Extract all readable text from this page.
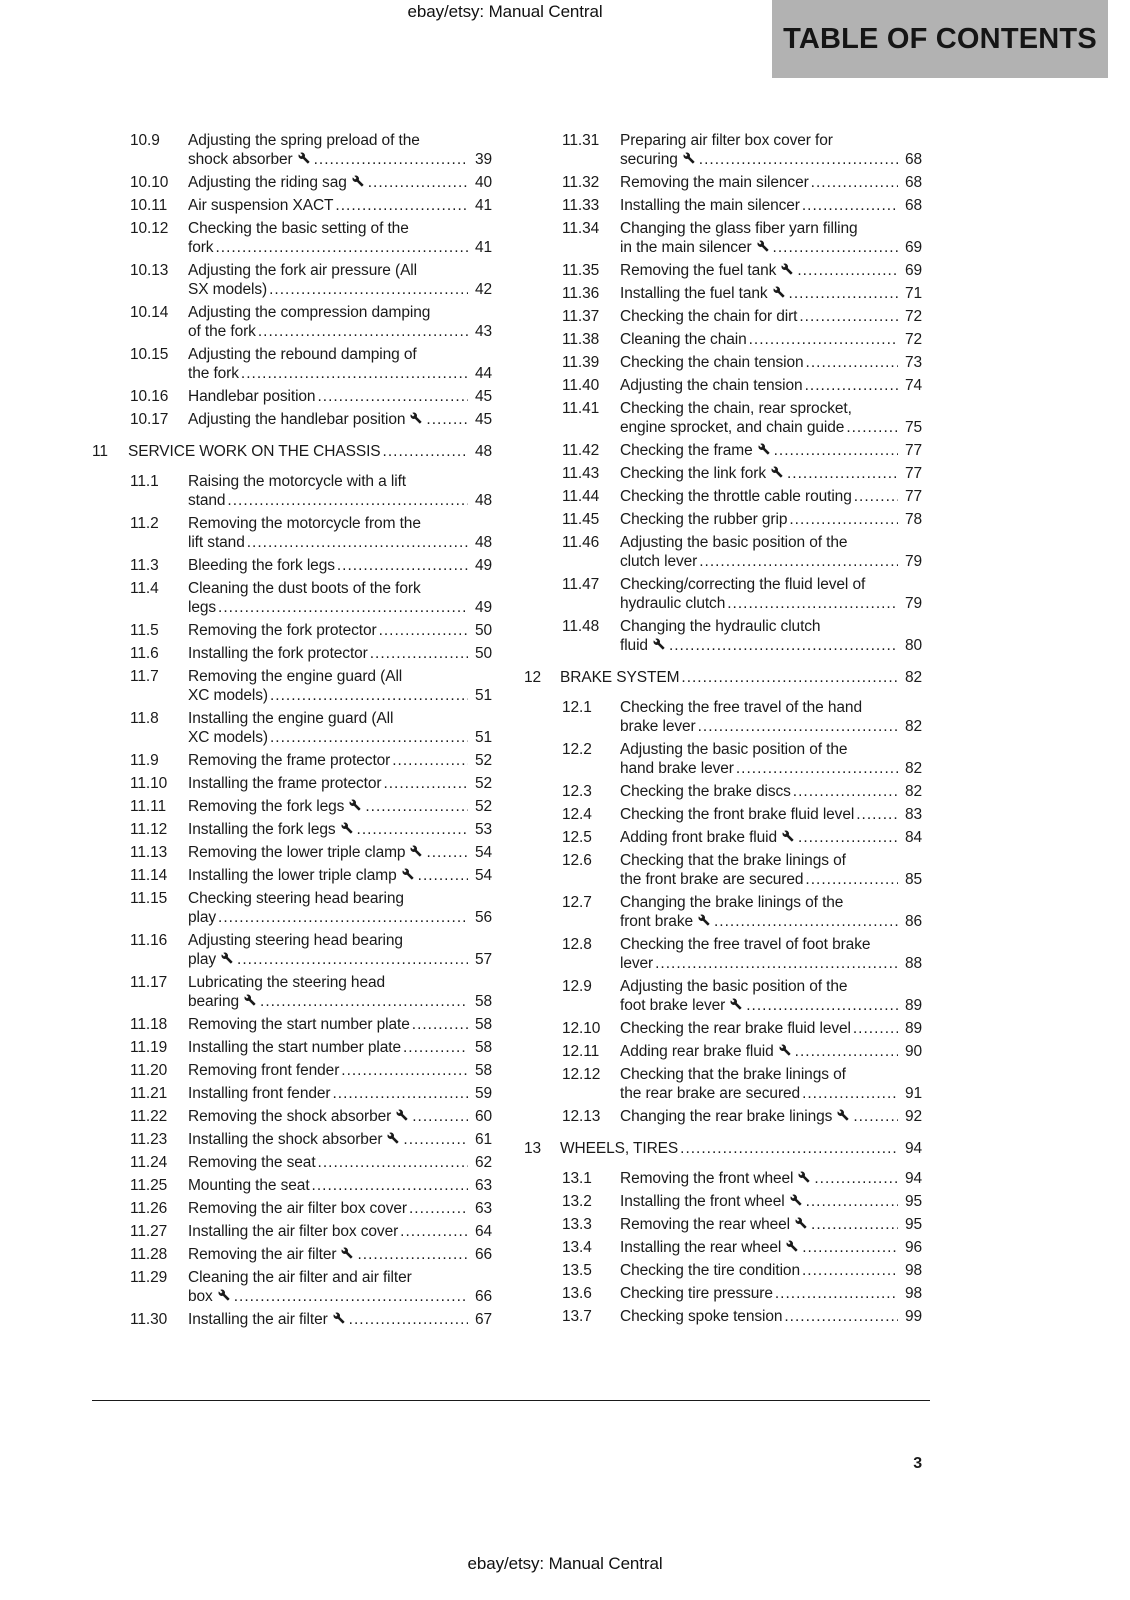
ebay/etsy: Manual Central
TABLE OF CONTENTS
10.9	Adjusting the spring preload of the
shock absorber .....	39
10.10	Adjusting the riding sag .....	40
10.11	Air suspension XACT .....	41
10.12	Checking the basic setting of the
fork .....	41
10.13	Adjusting the fork air pressure (All
SX models) .....	42
10.14	Adjusting the compression damping
of the fork .....	43
10.15	Adjusting the rebound damping of
the fork .....	44
10.16	Handlebar position .....	45
10.17	Adjusting the handlebar position .....	45
11	SERVICE WORK ON THE CHASSIS .....	48
11.1	Raising the motorcycle with a lift
stand .....	48
11.2	Removing the motorcycle from the
lift stand .....	48
11.3	Bleeding the fork legs .....	49
11.4	Cleaning the dust boots of the fork
legs .....	49
11.5	Removing the fork protector .....	50
11.6	Installing the fork protector .....	50
11.7	Removing the engine guard (All
XC models) .....	51
11.8	Installing the engine guard (All
XC models) .....	51
11.9	Removing the frame protector .....	52
11.10	Installing the frame protector .....	52
11.11	Removing the fork legs .....	52
11.12	Installing the fork legs .....	53
11.13	Removing the lower triple clamp .....	54
11.14	Installing the lower triple clamp .....	54
11.15	Checking steering head bearing
play .....	56
11.16	Adjusting steering head bearing
play .....	57
11.17	Lubricating the steering head
bearing .....	58
11.18	Removing the start number plate .....	58
11.19	Installing the start number plate .....	58
11.20	Removing front fender .....	58
11.21	Installing front fender .....	59
11.22	Removing the shock absorber .....	60
11.23	Installing the shock absorber .....	61
11.24	Removing the seat .....	62
11.25	Mounting the seat .....	63
11.26	Removing the air filter box cover .....	63
11.27	Installing the air filter box cover .....	64
11.28	Removing the air filter .....	66
11.29	Cleaning the air filter and air filter
box .....	66
11.30	Installing the air filter .....	67
11.31	Preparing air filter box cover for
securing .....	68
11.32	Removing the main silencer .....	68
11.33	Installing the main silencer .....	68
11.34	Changing the glass fiber yarn filling
in the main silencer .....	69
11.35	Removing the fuel tank .....	69
11.36	Installing the fuel tank .....	71
11.37	Checking the chain for dirt .....	72
11.38	Cleaning the chain .....	72
11.39	Checking the chain tension .....	73
11.40	Adjusting the chain tension .....	74
11.41	Checking the chain, rear sprocket,
engine sprocket, and chain guide .....	75
11.42	Checking the frame .....	77
11.43	Checking the link fork .....	77
11.44	Checking the throttle cable routing .....	77
11.45	Checking the rubber grip .....	78
11.46	Adjusting the basic position of the
clutch lever .....	79
11.47	Checking/correcting the fluid level of
hydraulic clutch .....	79
11.48	Changing the hydraulic clutch
fluid .....	80
12	BRAKE SYSTEM .....	82
12.1	Checking the free travel of the hand
brake lever .....	82
12.2	Adjusting the basic position of the
hand brake lever .....	82
12.3	Checking the brake discs .....	82
12.4	Checking the front brake fluid level .....	83
12.5	Adding front brake fluid .....	84
12.6	Checking that the brake linings of
the front brake are secured .....	85
12.7	Changing the brake linings of the
front brake .....	86
12.8	Checking the free travel of foot brake
lever .....	88
12.9	Adjusting the basic position of the
foot brake lever .....	89
12.10	Checking the rear brake fluid level .....	89
12.11	Adding rear brake fluid .....	90
12.12	Checking that the brake linings of
the rear brake are secured .....	91
12.13	Changing the rear brake linings .....	92
13	WHEELS, TIRES .....	94
13.1	Removing the front wheel .....	94
13.2	Installing the front wheel .....	95
13.3	Removing the rear wheel .....	95
13.4	Installing the rear wheel .....	96
13.5	Checking the tire condition .....	98
13.6	Checking tire pressure .....	98
13.7	Checking spoke tension .....	99
3
ebay/etsy: Manual Central
